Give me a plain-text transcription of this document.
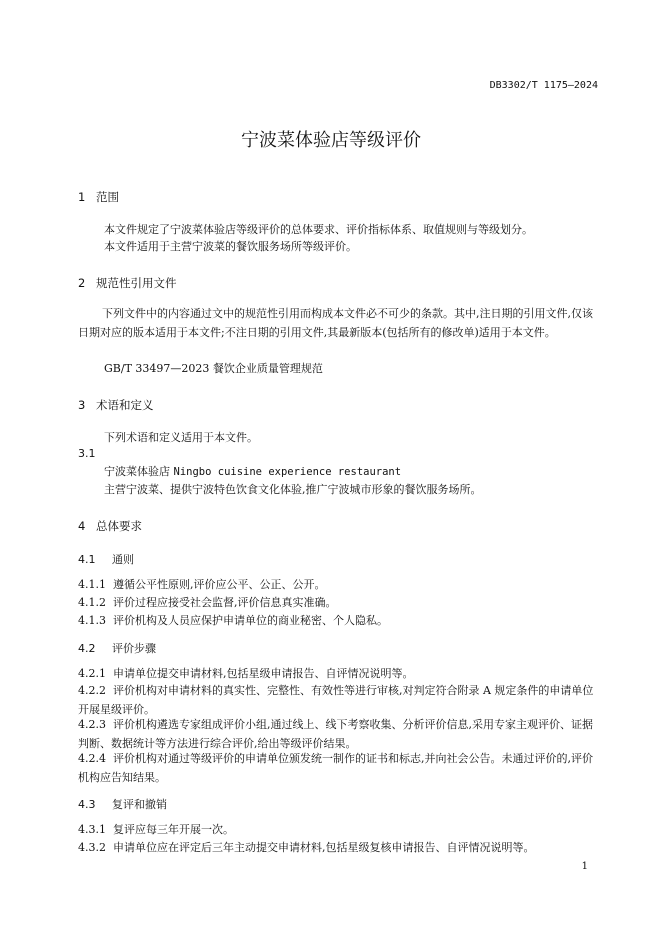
DB3302/T 1175—2024
宁波菜体验店等级评价
1 范围
本文件规定了宁波菜体验店等级评价的总体要求、评价指标体系、取值规则与等级划分。
本文件适用于主营宁波菜的餐饮服务场所等级评价。
2 规范性引用文件
下列文件中的内容通过文中的规范性引用而构成本文件必不可少的条款。其中,注日期的引用文件,仅该日期对应的版本适用于本文件;不注日期的引用文件,其最新版本(包括所有的修改单)适用于本文件。
GB/T 33497—2023 餐饮企业质量管理规范
3 术语和定义
下列术语和定义适用于本文件。
3.1
宁波菜体验店 Ningbo cuisine experience restaurant
主营宁波菜、提供宁波特色饮食文化体验,推广宁波城市形象的餐饮服务场所。
4 总体要求
4.1 通则
4.1.1 遵循公平性原则,评价应公平、公正、公开。
4.1.2 评价过程应接受社会监督,评价信息真实准确。
4.1.3 评价机构及人员应保护申请单位的商业秘密、个人隐私。
4.2 评价步骤
4.2.1 申请单位提交申请材料,包括星级申请报告、自评情况说明等。
4.2.2 评价机构对申请材料的真实性、完整性、有效性等进行审核,对判定符合附录 A 规定条件的申请单位开展星级评价。
4.2.3 评价机构遴选专家组成评价小组,通过线上、线下考察收集、分析评价信息,采用专家主观评价、证据判断、数据统计等方法进行综合评价,给出等级评价结果。
4.2.4 评价机构对通过等级评价的申请单位颁发统一制作的证书和标志,并向社会公告。未通过评价的,评价机构应告知结果。
4.3 复评和撤销
4.3.1 复评应每三年开展一次。
4.3.2 申请单位应在评定后三年主动提交申请材料,包括星级复核申请报告、自评情况说明等。
1
